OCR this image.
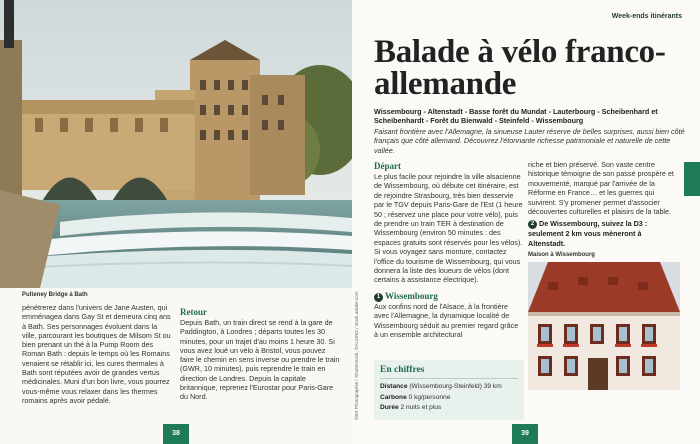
Pulteney Bridge à Bath
pénétrerez dans l'univers de Jane Austen, qui emménagea dans Gay St et demeura cinq ans à Bath. Ses personnages évoluent dans la ville, parcourant les boutiques de Milsom St ou bien prenant un thé à la Pump Room des Roman Bath : depuis le temps où les Romains venaient se rétablir ici, les cures thermales à Bath sont réputées avoir de grandes vertus médicinales. Muni d'un bon livre, vous pourrez vous-même vous relaxer dans les thermes romains après avoir pédalé.
Retour
Depuis Bath, un train direct se rend à la gare de Paddington, à Londres ; départs toutes les 30 minutes, pour un trajet d'au moins 1 heure 30. Si vous avez loué un vélo à Bristol, vous pouvez faire le chemin en sens inverse ou prendre le train (GWR, 10 minutes), puis reprendre le train en direction de Londres. Depuis la capitale britannique, reprenez l'Eurostar pour Paris-Gare du Nord.
38
Week-ends itinérants
Balade à vélo franco-allemande
Wissembourg - Altenstadt - Basse forêt du Mundat - Lauterbourg - Scheibenhard et Scheibenhardt - Forêt du Bienwald - Steinfeld - Wissembourg
Faisant frontière avec l'Allemagne, la sinueuse Lauter réserve de belles surprises, aussi bien côté français que côté allemand. Découvrez l'étonnante richesse patrimoniale et naturelle de cette vallée.
Départ
Le plus facile pour rejoindre la ville alsacienne de Wissembourg, où débute cet itinéraire, est de rejoindre Strasbourg, très bien desservie par le TGV depuis Paris-Gare de l'Est (1 heure 50 ; réservez une place pour votre vélo), puis de prendre un train TER à destination de Wissembourg (environ 50 minutes : des espaces gratuits sont réservés pour les vélos). Si vous voyagez sans monture, contactez l'office du tourisme de Wissembourg, qui vous donnera la liste des loueurs de vélos (dont certains à assistance électrique).
1 Wissembourg
Aux confins nord de l'Alsace, à la frontière avec l'Allemagne, la dynamique localité de Wissembourg séduit au premier regard grâce à un ensemble architectural
riche et bien préservé. Son vaste centre historique témoigne de son passé prospère et mouvementé, marqué par l'arrivée de la Réforme en France… et les guerres qui suivirent. S'y promener permet d'associer découvertes culturelles et plaisirs de la table.
2 De Wissembourg, suivez la D3 : seulement 2 km vous mèneront à Altenstadt.
Maison à Wissembourg
©BS Photographie / Shutterstock, ©ALZINO / stock.adobe.com En chiffres
Distance (Wissembourg-Steinfeld) 39 km
Carbone 0 kg/personne
Durée 2 nuits et plus
39
